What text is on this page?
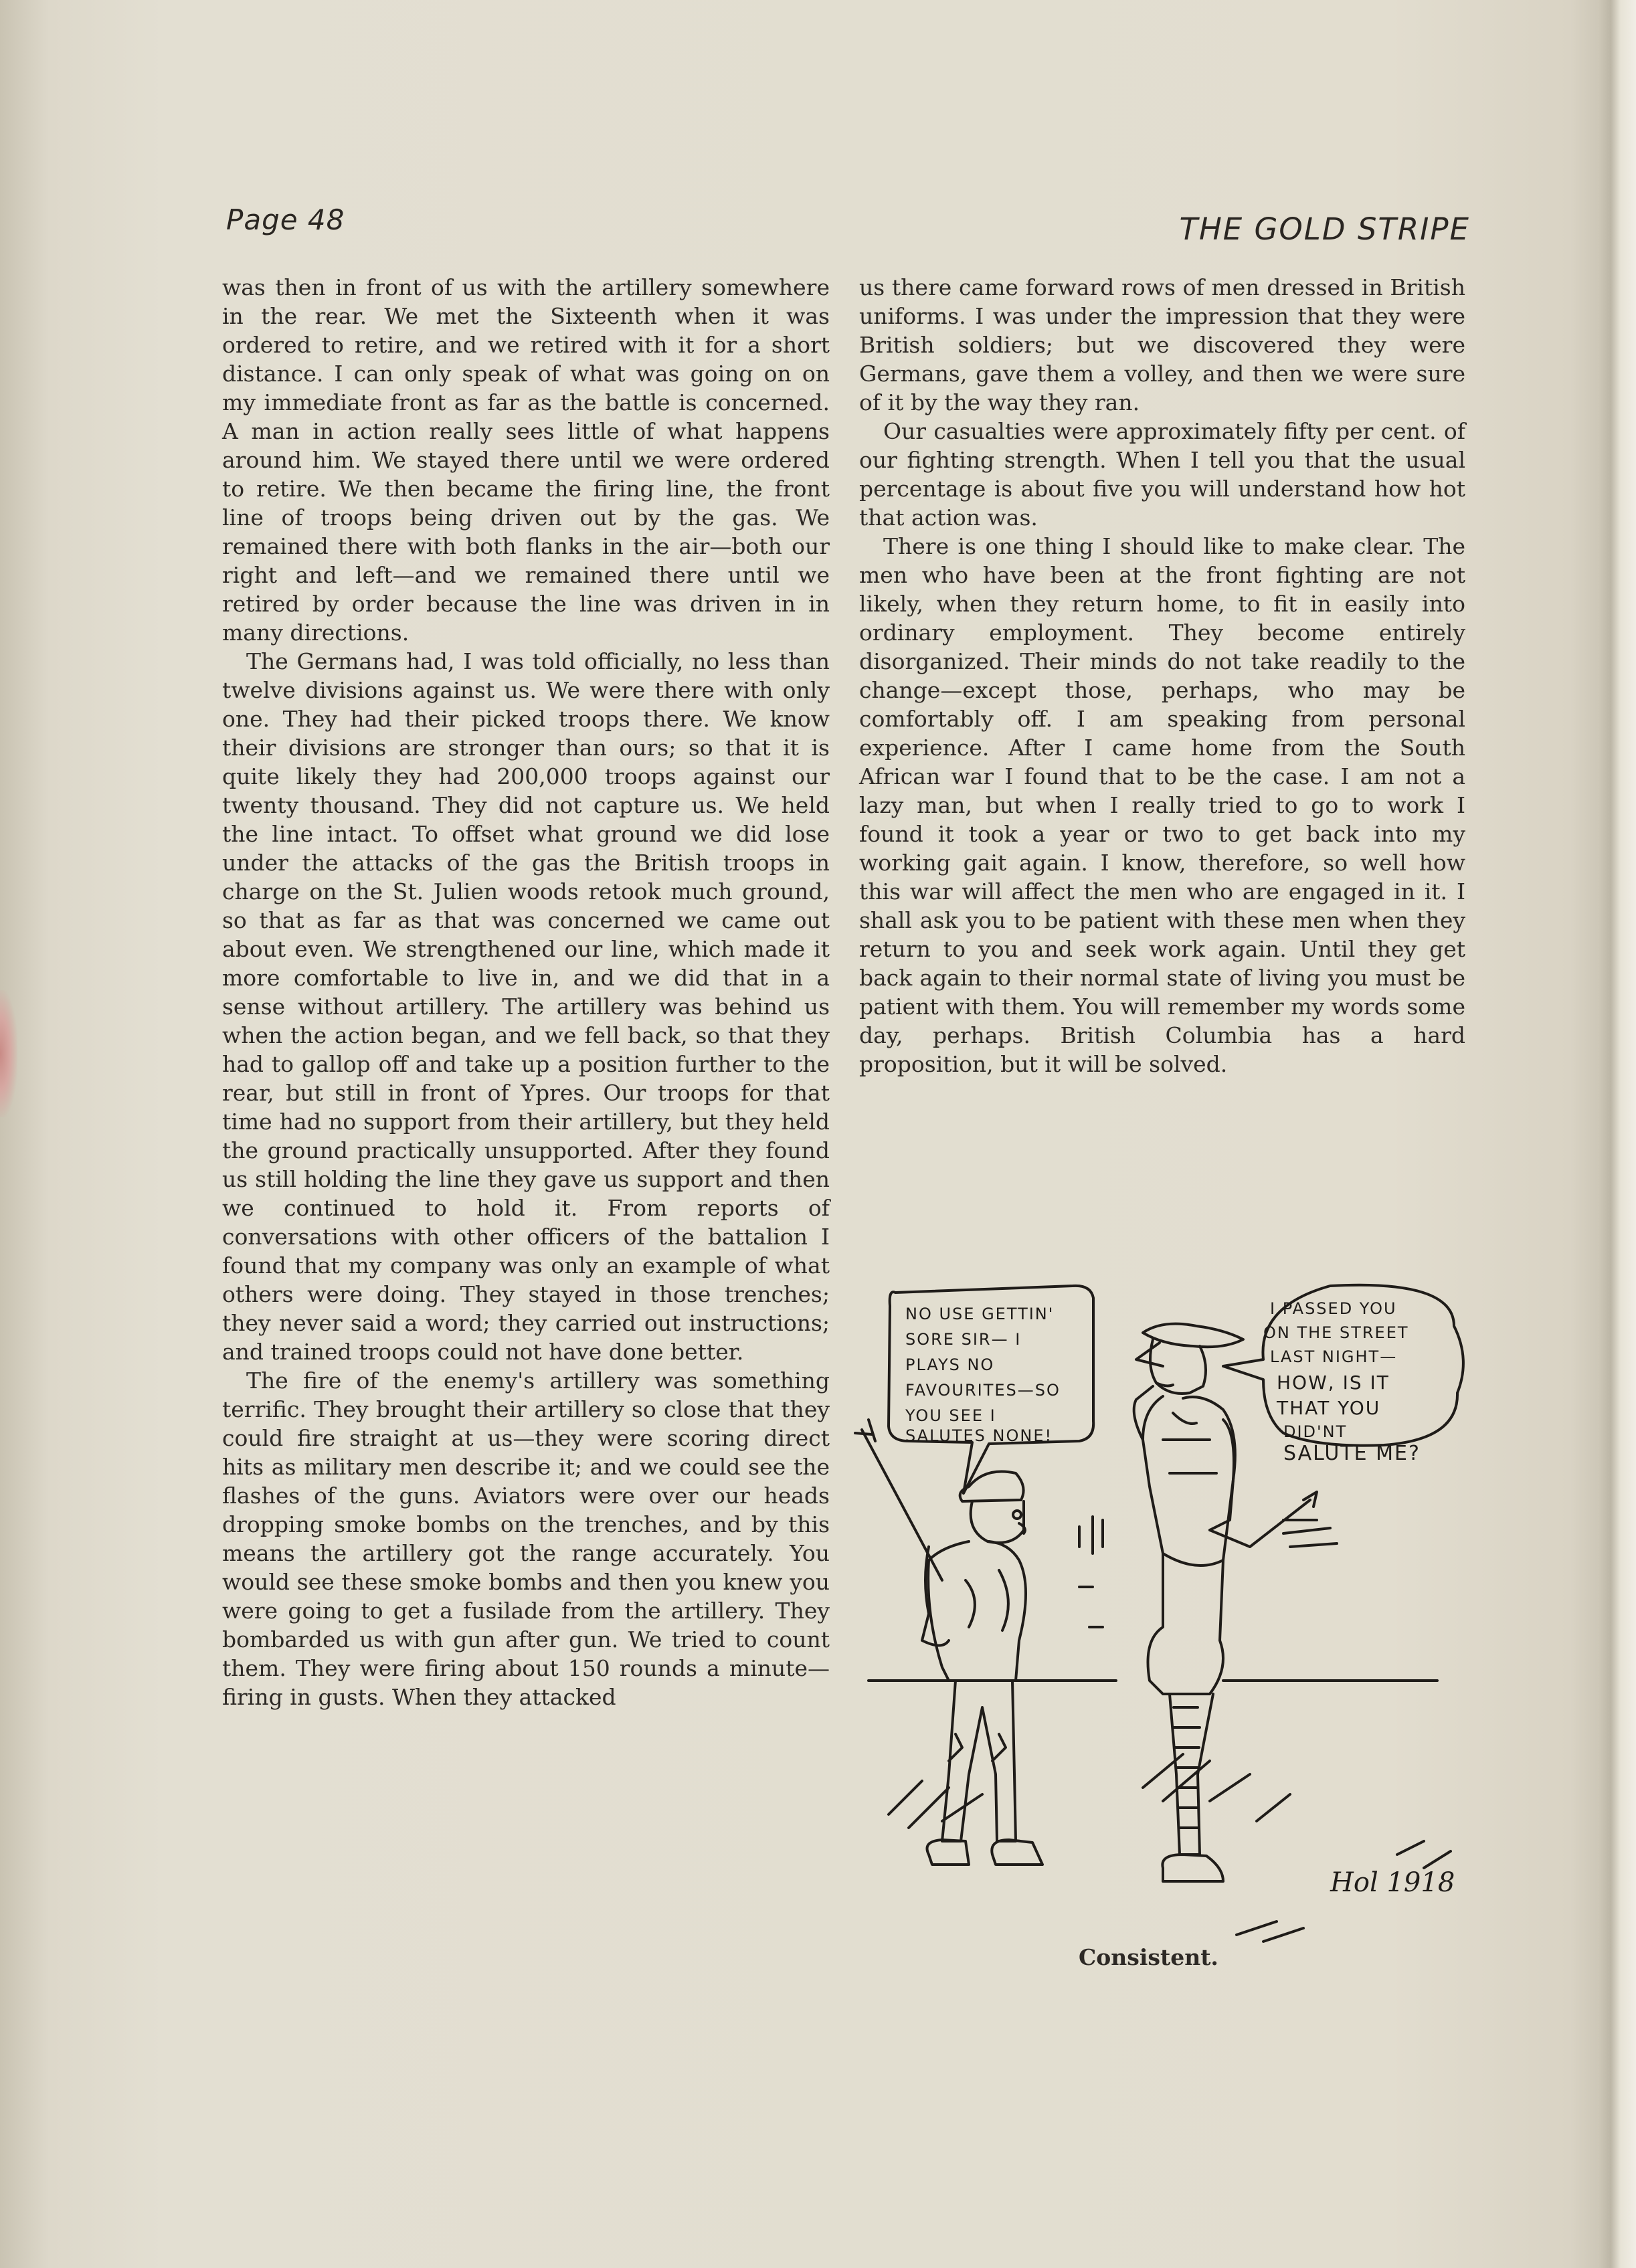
Page 48	THE GOLD STRIPE

was then in front of us with the artillery somewhere in the rear. We met the Sixteenth when it was ordered to retire, and we retired with it for a short distance. I can only speak of what was going on on my immediate front as far as the battle is concerned. A man in action really sees little of what happens around him. We stayed there until we were ordered to retire. We then became the firing line, the front line of troops being driven out by the gas. We remained there with both flanks in the air—both our right and left—and we remained there until we retired by order because the line was driven in in many directions.

The Germans had, I was told officially, no less than twelve divisions against us. We were there with only one. They had their picked troops there. We know their divisions are stronger than ours; so that it is quite likely they had 200,000 troops against our twenty thousand. They did not capture us. We held the line intact. To offset what ground we did lose under the attacks of the gas the British troops in charge on the St. Julien woods retook much ground, so that as far as that was concerned we came out about even. We strengthened our line, which made it more comfortable to live in, and we did that in a sense without artillery. The artillery was behind us when the action began, and we fell back, so that they had to gallop off and take up a position further to the rear, but still in front of Ypres. Our troops for that time had no support from their artillery, but they held the ground practically unsupported. After they found us still holding the line they gave us support and then we continued to hold it. From reports of conversations with other officers of the battalion I found that my company was only an example of what others were doing. They stayed in those trenches; they never said a word; they carried out instructions; and trained troops could not have done better.

The fire of the enemy's artillery was something terrific. They brought their artillery so close that they could fire straight at us—they were scoring direct hits as military men describe it; and we could see the flashes of the guns. Aviators were over our heads dropping smoke bombs on the trenches, and by this means the artillery got the range accurately. You would see these smoke bombs and then you knew you were going to get a fusilade from the artillery. They bombarded us with gun after gun. We tried to count them. They were firing about 150 rounds a minute—firing in gusts. When they attacked

us there came forward rows of men dressed in British uniforms. I was under the impression that they were British soldiers; but we discovered they were Germans, gave them a volley, and then we were sure of it by the way they ran.

Our casualties were approximately fifty per cent. of our fighting strength. When I tell you that the usual percentage is about five you will understand how hot that action was.

There is one thing I should like to make clear. The men who have been at the front fighting are not likely, when they return home, to fit in easily into ordinary employment. They become entirely disorganized. Their minds do not take readily to the change—except those, perhaps, who may be comfortably off. I am speaking from personal experience. After I came home from the South African war I found that to be the case. I am not a lazy man, but when I really tried to go to work I found it took a year or two to get back into my working gait again. I know, therefore, so well how this war will affect the men who are engaged in it. I shall ask you to be patient with these men when they return to you and seek work again. Until they get back again to their normal state of living you must be patient with them. You will remember my words some day, perhaps. British Columbia has a hard proposition, but it will be solved.

NO USE GETTIN'
SORE SIR— I
PLAYS NO
FAVOURITES—SO
YOU SEE I
SALUTES NONE!
I PASSED YOU
ON THE STREET
LAST NIGHT—
HOW, IS IT
THAT YOU
DID'NT
SALUTE ME?
Hol 1918
Consistent.
